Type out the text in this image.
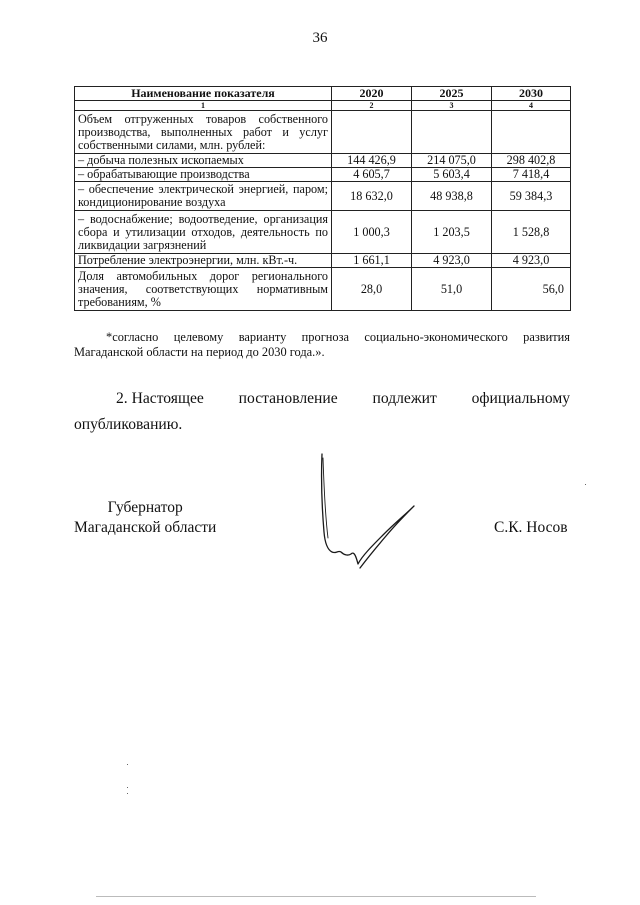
36
Наименование показателя	2020	2025	2030
1	2	3	4
Объем отгруженных товаров собственного производства, выполненных работ и услуг собственными силами, млн. рублей:			
– добыча полезных ископаемых	144 426,9	214 075,0	298 402,8
– обрабатывающие производства	4 605,7	5 603,4	7 418,4
– обеспечение электрической энергией, паром; кондиционирование воздуха	18 632,0	48 938,8	59 384,3
– водоснабжение; водоотведение, организация сбора и утилизации отходов, деятельность по ликвидации загрязнений	1 000,3	1 203,5	1 528,8
Потребление электроэнергии, млн. кВт.-ч.	1 661,1	4 923,0	4 923,0
Доля автомобильных дорог регионального значения, соответствующих нормативным требованиям, %	28,0	51,0	56,0
*согласно целевому варианту прогноза социально-экономического развития
Магаданской области на период до 2030 года.».
2. Настоящее постановление подлежит официальному
опубликованию.
Губернатор
Магаданской области	С.К. Носов
